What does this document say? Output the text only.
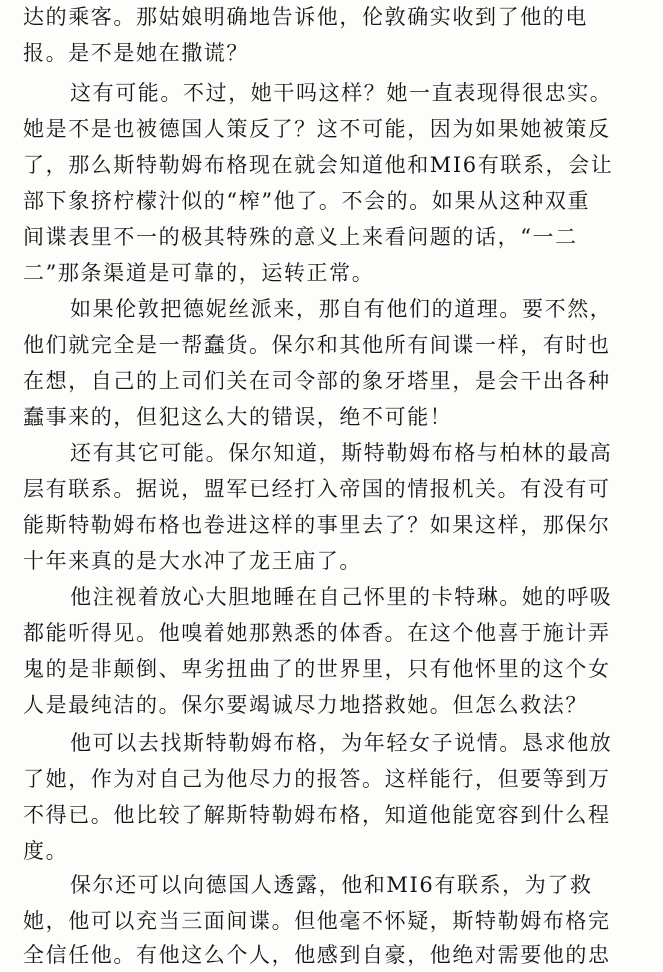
达的乘客。那姑娘明确地告诉他，伦敦确实收到了他的电
报。是不是她在撒谎？
这有可能。不过，她干吗这样？她一直表现得很忠实。
她是不是也被德国人策反了？这不可能，因为如果她被策反
了，那么斯特勒姆布格现在就会知道他和MI6有联系，会让
部下象挤柠檬汁似的“榨”他了。不会的。如果从这种双重
间谍表里不一的极其特殊的意义上来看问题的话，“一二
二”那条渠道是可靠的，运转正常。
如果伦敦把德妮丝派来，那自有他们的道理。要不然，
他们就完全是一帮蠢货。保尔和其他所有间谍一样，有时也
在想，自己的上司们关在司令部的象牙塔里，是会干出各种
蠢事来的，但犯这么大的错误，绝不可能！
还有其它可能。保尔知道，斯特勒姆布格与柏林的最高
层有联系。据说，盟军已经打入帝国的情报机关。有没有可
能斯特勒姆布格也卷进这样的事里去了？如果这样，那保尔
十年来真的是大水冲了龙王庙了。
他注视着放心大胆地睡在自己怀里的卡特琳。她的呼吸
都能听得见。他嗅着她那熟悉的体香。在这个他喜于施计弄
鬼的是非颠倒、卑劣扭曲了的世界里，只有他怀里的这个女
人是最纯洁的。保尔要竭诚尽力地搭救她。但怎么救法？
他可以去找斯特勒姆布格，为年轻女子说情。恳求他放
了她，作为对自己为他尽力的报答。这样能行，但要等到万
不得已。他比较了解斯特勒姆布格，知道他能宽容到什么程
度。
保尔还可以向德国人透露，他和MI6有联系，为了救
她，他可以充当三面间谍。但他毫不怀疑，斯特勒姆布格完
全信任他。有他这么个人，他感到自豪，他绝对需要他的忠
